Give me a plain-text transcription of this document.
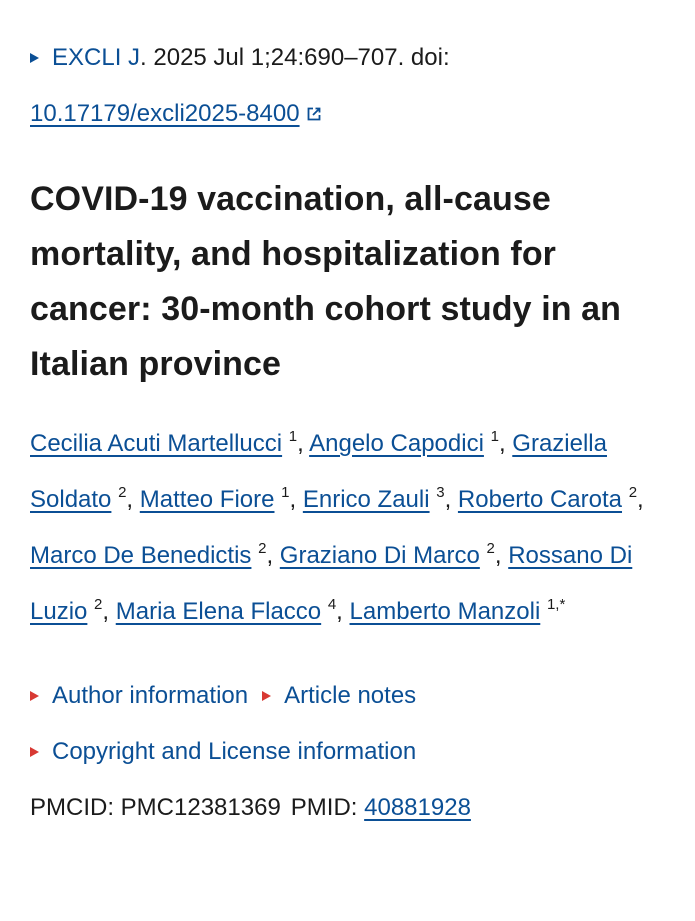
EXCLI J. 2025 Jul 1;24:690–707. doi: 10.17179/excli2025-8400

COVID-19 vaccination, all-cause mortality, and hospitalization for cancer: 30-month cohort study in an Italian province

Cecilia Acuti Martellucci $^1$, Angelo Capodici $^1$, Graziella Soldato $^2$, Matteo Fiore $^1$, Enrico Zauli $^3$, Roberto Carota $^2$, Marco De Benedictis $^2$, Graziano Di Marco $^2$, Rossano Di Luzio $^2$, Maria Elena Flacco $^4$, Lamberto Manzoli $^{1,*}$

Author information Article notes
Copyright and License information
PMCID: PMC12381369 PMID: 40881928
